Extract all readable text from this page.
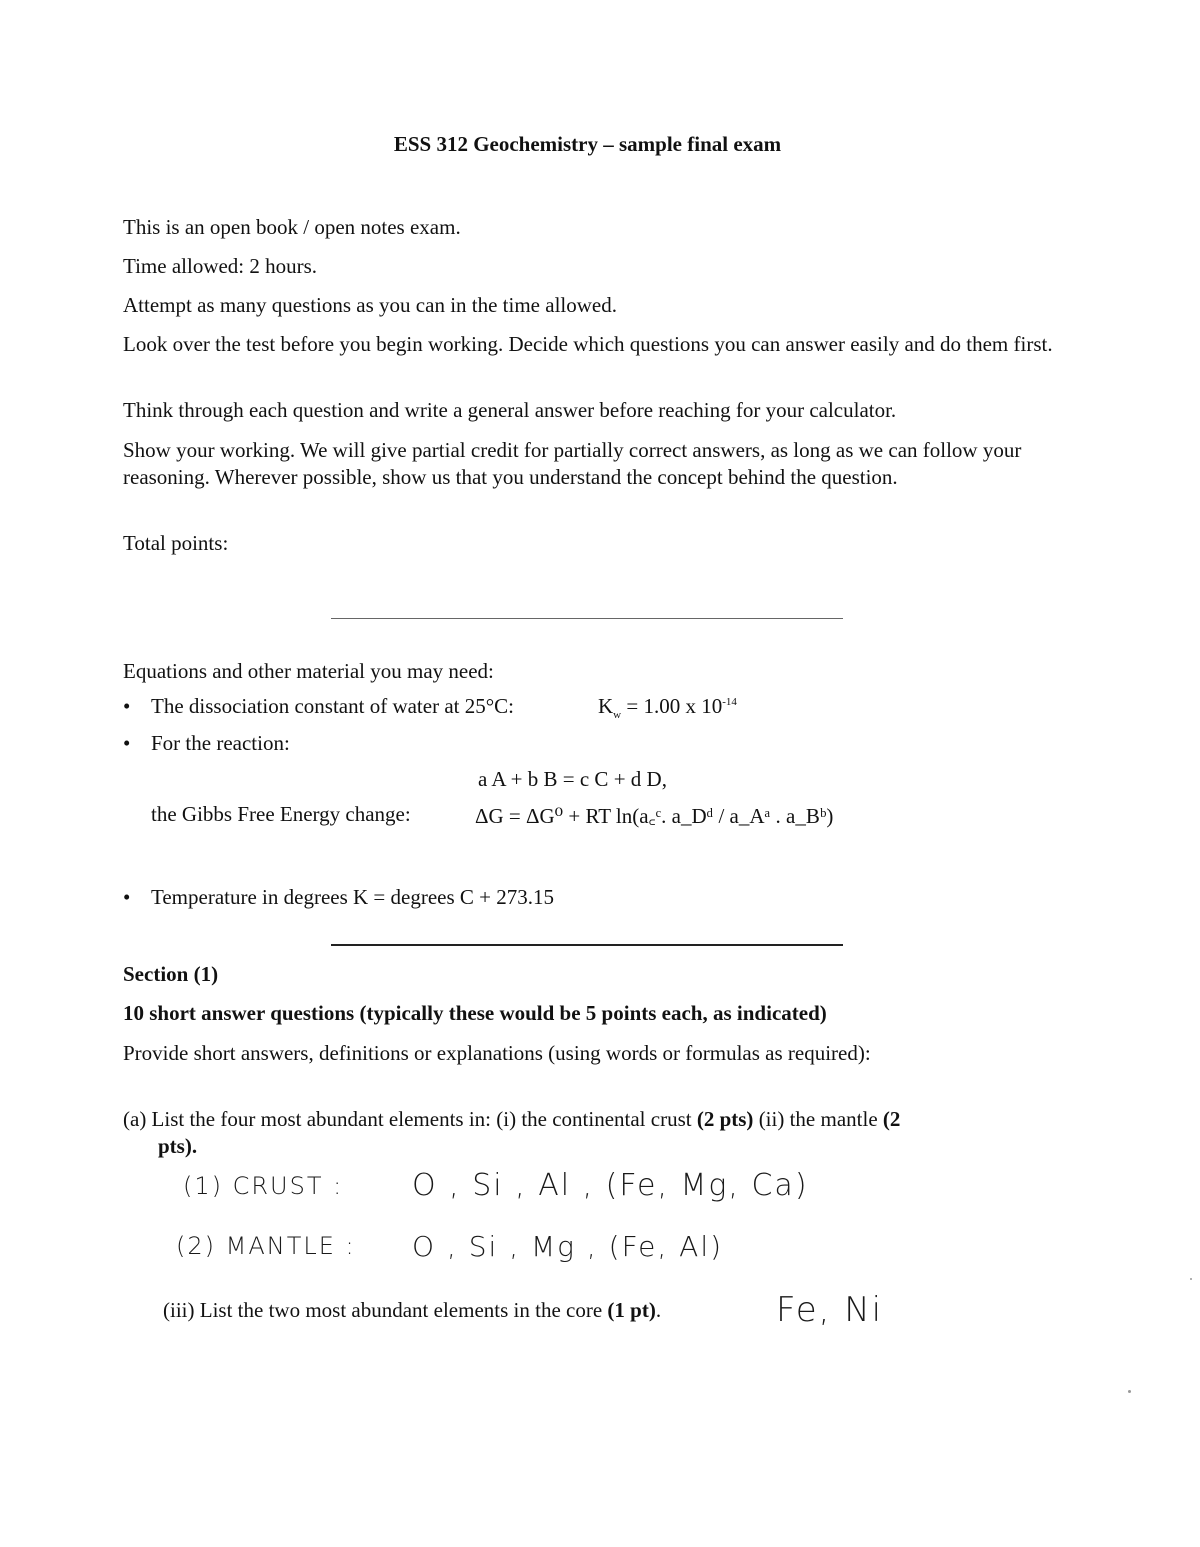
ESS 312 Geochemistry – sample final exam
This is an open book / open notes exam.
Time allowed: 2 hours.
Attempt as many questions as you can in the time allowed.
Look over the test before you begin working. Decide which questions you can answer easily and do them first.
Think through each question and write a general answer before reaching for your calculator.
Show your working. We will give partial credit for partially correct answers, as long as we can follow your reasoning. Wherever possible, show us that you understand the concept behind the question.
Total points:
Equations and other material you may need:
• The dissociation constant of water at 25°C:	$K_w = 1.00$ x $10^{-14}$
• For the reaction:
a A + b B = c C + d D,
the Gibbs Free Energy change:	ΔG = ΔG⁰ + RT ln(a꜀ᶜ. a_Dᵈ / a_Aᵃ . a_Bᵇ)
• Temperature in degrees K = degrees C + 273.15
Section (1)
10 short answer questions (typically these would be 5 points each, as indicated)
Provide short answers, definitions or explanations (using words or formulas as required):
(a) List the four most abundant elements in: (i) the continental crust (2 pts) (ii) the mantle (2
pts).
(1) CRUST : O , Si , Al , (Fe, Mg, Ca)
(2) MANTLE : O , Si , Mg , (Fe, Al)
(iii) List the two most abundant elements in the core (1 pt).	Fe, Ni
